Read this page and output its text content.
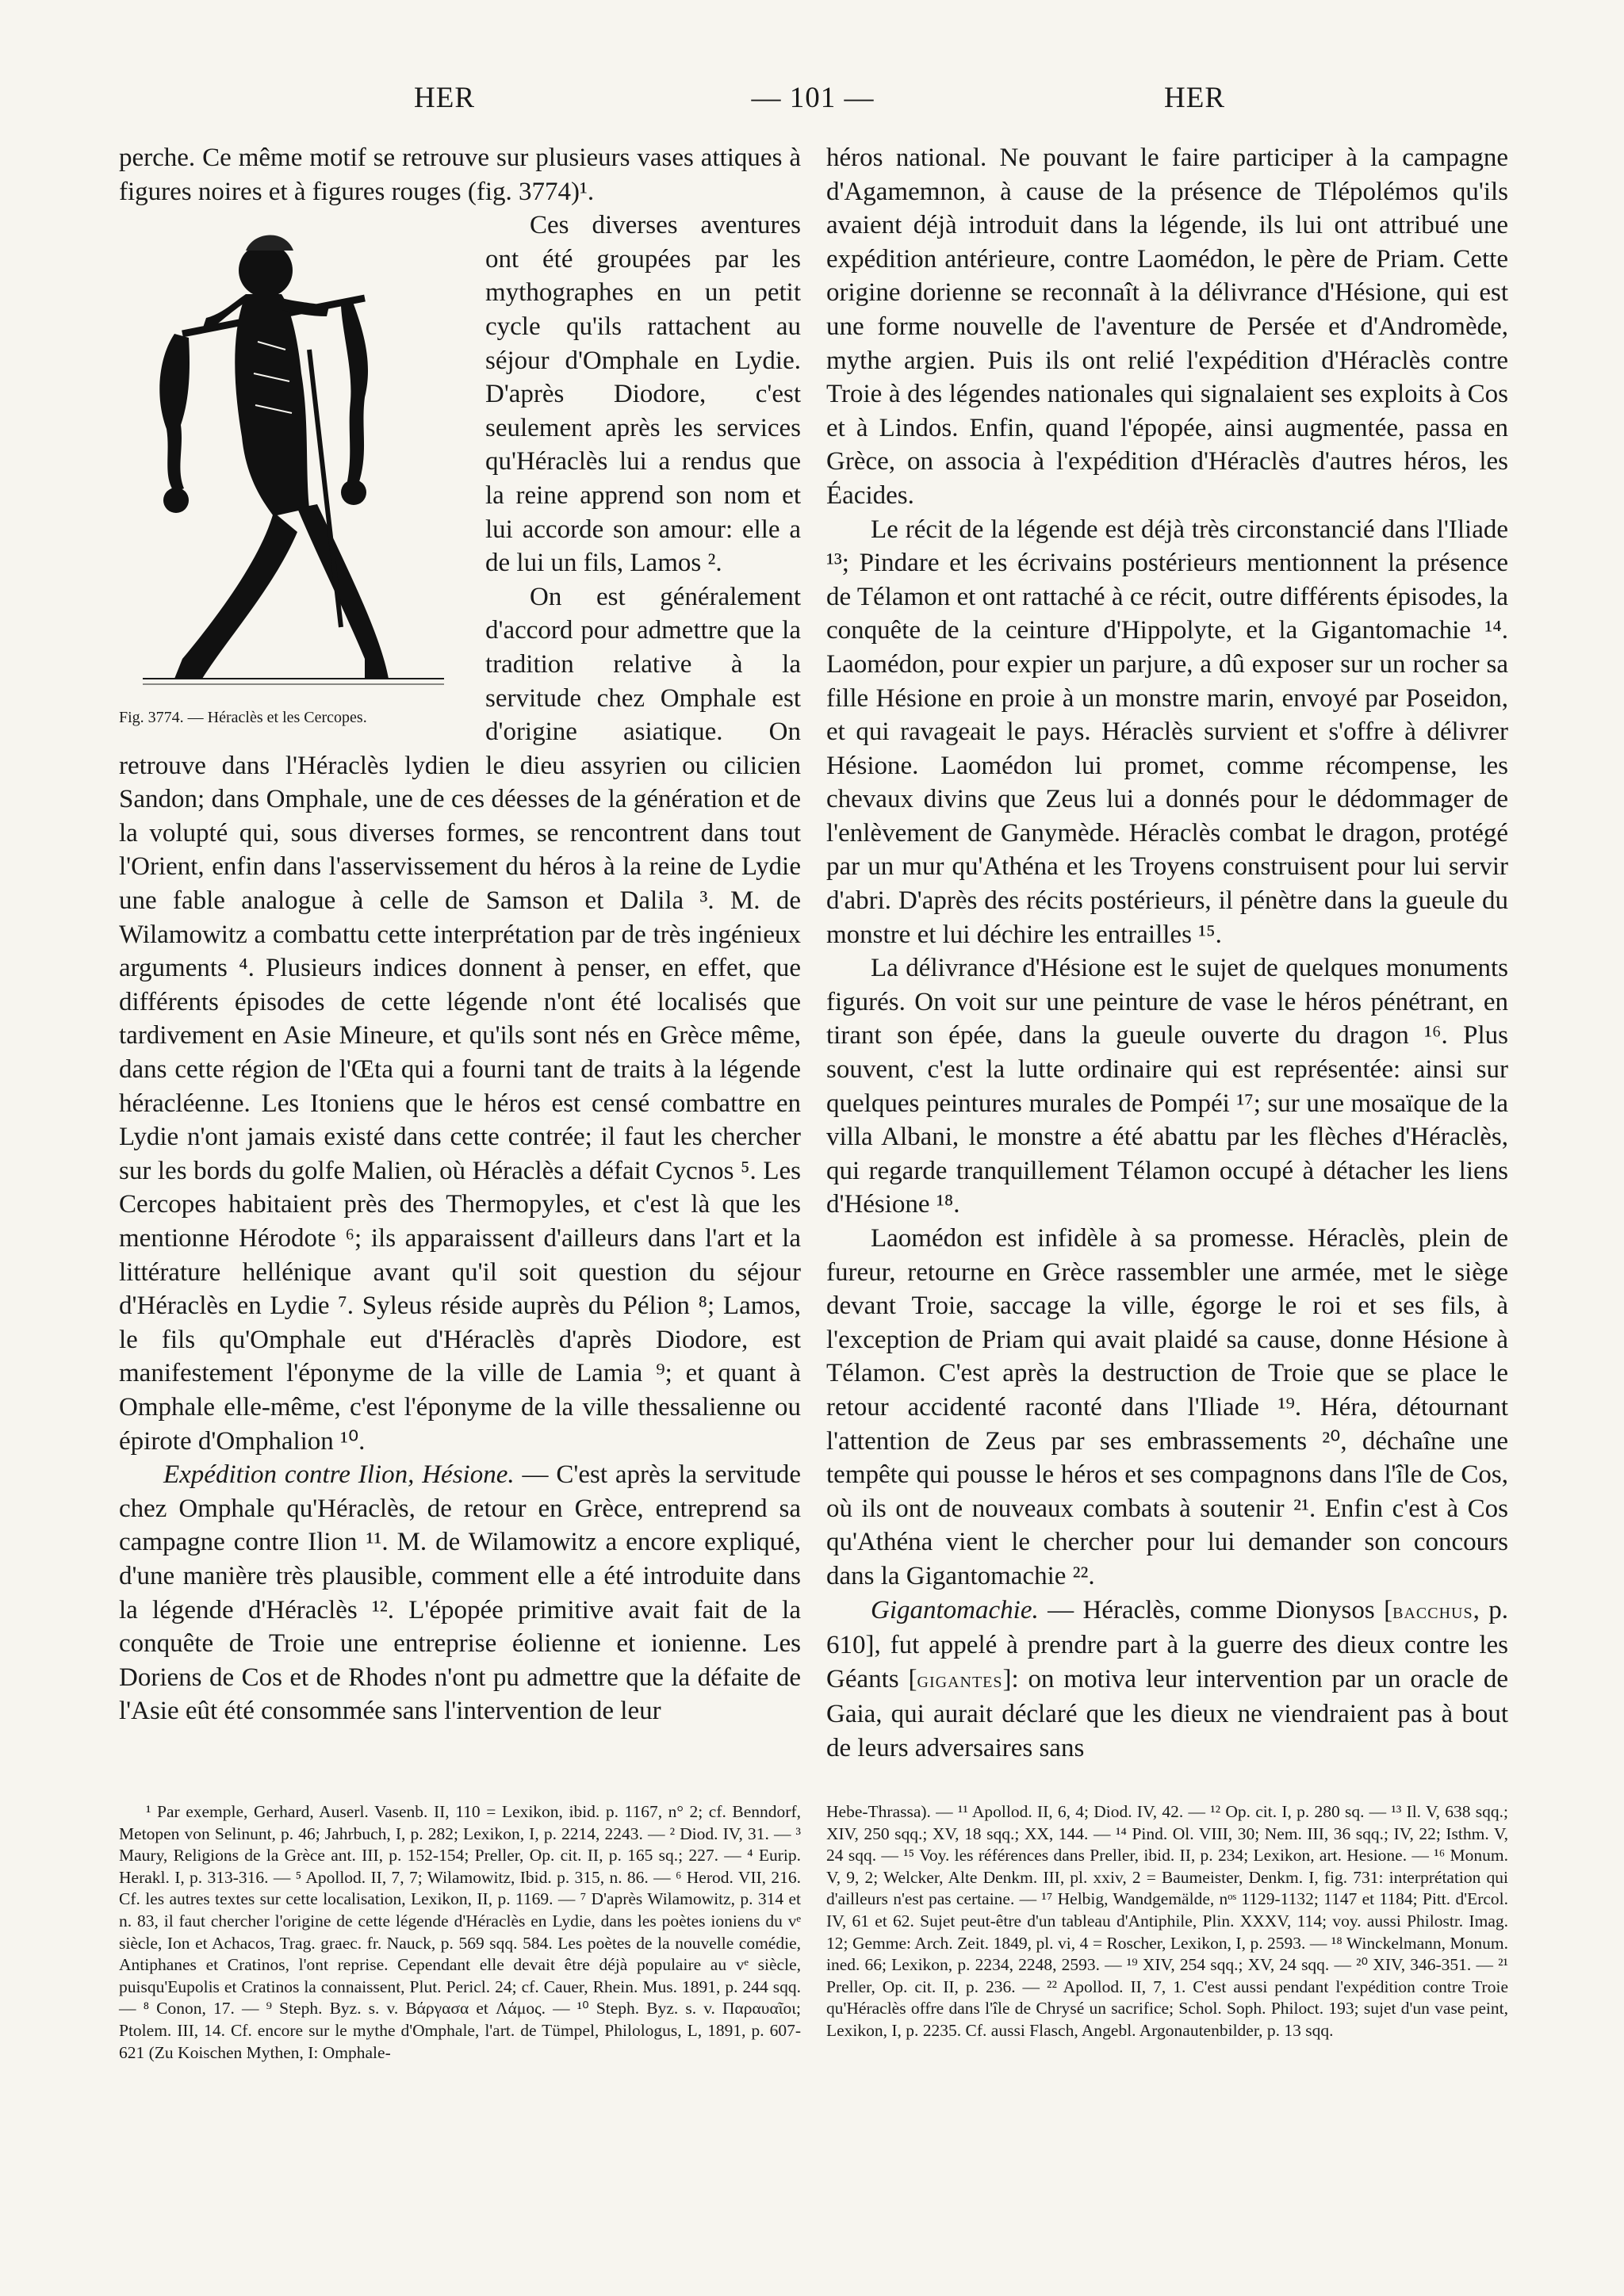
HER	— 101 —	HER

perche. Ce même motif se retrouve sur plusieurs vases attiques à figures noires et à figures rouges (fig. 3774)¹.

Fig. 3774. — Héraclès et les Cercopes.

Ces diverses aventures ont été groupées par les mythographes en un petit cycle qu'ils rattachent au séjour d'Omphale en Lydie. D'après Diodore, c'est seulement après les services qu'Héraclès lui a rendus que la reine apprend son nom et lui accorde son amour: elle a de lui un fils, Lamos ².

On est généralement d'accord pour admettre que la tradition relative à la servitude chez Omphale est d'origine asiatique. On retrouve dans l'Héraclès lydien le dieu assyrien ou cilicien Sandon; dans Omphale, une de ces déesses de la génération et de la volupté qui, sous diverses formes, se rencontrent dans tout l'Orient, enfin dans l'asservissement du héros à la reine de Lydie une fable analogue à celle de Samson et Dalila ³. M. de Wilamowitz a combattu cette interprétation par de très ingénieux arguments ⁴. Plusieurs indices donnent à penser, en effet, que différents épisodes de cette légende n'ont été localisés que tardivement en Asie Mineure, et qu'ils sont nés en Grèce même, dans cette région de l'Œta qui a fourni tant de traits à la légende héracléenne. Les Itoniens que le héros est censé combattre en Lydie n'ont jamais existé dans cette contrée; il faut les chercher sur les bords du golfe Malien, où Héraclès a défait Cycnos ⁵. Les Cercopes habitaient près des Thermopyles, et c'est là que les mentionne Hérodote ⁶; ils apparaissent d'ailleurs dans l'art et la littérature hellénique avant qu'il soit question du séjour d'Héraclès en Lydie ⁷. Syleus réside auprès du Pélion ⁸; Lamos, le fils qu'Omphale eut d'Héraclès d'après Diodore, est manifestement l'éponyme de la ville de Lamia ⁹; et quant à Omphale elle-même, c'est l'éponyme de la ville thessalienne ou épirote d'Omphalion ¹⁰.

Expédition contre Ilion, Hésione. — C'est après la servitude chez Omphale qu'Héraclès, de retour en Grèce, entreprend sa campagne contre Ilion ¹¹. M. de Wilamowitz a encore expliqué, d'une manière très plausible, comment elle a été introduite dans la légende d'Héraclès ¹². L'épopée primitive avait fait de la conquête de Troie une entreprise éolienne et ionienne. Les Doriens de Cos et de Rhodes n'ont pu admettre que la défaite de l'Asie eût été consommée sans l'intervention de leur

héros national. Ne pouvant le faire participer à la campagne d'Agamemnon, à cause de la présence de Tlépolémos qu'ils avaient déjà introduit dans la légende, ils lui ont attribué une expédition antérieure, contre Laomédon, le père de Priam. Cette origine dorienne se reconnaît à la délivrance d'Hésione, qui est une forme nouvelle de l'aventure de Persée et d'Andromède, mythe argien. Puis ils ont relié l'expédition d'Héraclès contre Troie à des légendes nationales qui signalaient ses exploits à Cos et à Lindos. Enfin, quand l'épopée, ainsi augmentée, passa en Grèce, on associa à l'expédition d'Héraclès d'autres héros, les Éacides.

Le récit de la légende est déjà très circonstancié dans l'Iliade ¹³; Pindare et les écrivains postérieurs mentionnent la présence de Télamon et ont rattaché à ce récit, outre différents épisodes, la conquête de la ceinture d'Hippolyte, et la Gigantomachie ¹⁴. Laomédon, pour expier un parjure, a dû exposer sur un rocher sa fille Hésione en proie à un monstre marin, envoyé par Poseidon, et qui ravageait le pays. Héraclès survient et s'offre à délivrer Hésione. Laomédon lui promet, comme récompense, les chevaux divins que Zeus lui a donnés pour le dédommager de l'enlèvement de Ganymède. Héraclès combat le dragon, protégé par un mur qu'Athéna et les Troyens construisent pour lui servir d'abri. D'après des récits postérieurs, il pénètre dans la gueule du monstre et lui déchire les entrailles ¹⁵.

La délivrance d'Hésione est le sujet de quelques monuments figurés. On voit sur une peinture de vase le héros pénétrant, en tirant son épée, dans la gueule ouverte du dragon ¹⁶. Plus souvent, c'est la lutte ordinaire qui est représentée: ainsi sur quelques peintures murales de Pompéi ¹⁷; sur une mosaïque de la villa Albani, le monstre a été abattu par les flèches d'Héraclès, qui regarde tranquillement Télamon occupé à détacher les liens d'Hésione ¹⁸.

Laomédon est infidèle à sa promesse. Héraclès, plein de fureur, retourne en Grèce rassembler une armée, met le siège devant Troie, saccage la ville, égorge le roi et ses fils, à l'exception de Priam qui avait plaidé sa cause, donne Hésione à Télamon. C'est après la destruction de Troie que se place le retour accidenté raconté dans l'Iliade ¹⁹. Héra, détournant l'attention de Zeus par ses embrassements ²⁰, déchaîne une tempête qui pousse le héros et ses compagnons dans l'île de Cos, où ils ont de nouveaux combats à soutenir ²¹. Enfin c'est à Cos qu'Athéna vient le chercher pour lui demander son concours dans la Gigantomachie ²².

Gigantomachie. — Héraclès, comme Dionysos [bacchus, p. 610], fut appelé à prendre part à la guerre des dieux contre les Géants [gigantes]: on motiva leur intervention par un oracle de Gaia, qui aurait déclaré que les dieux ne viendraient pas à bout de leurs adversaires sans

¹ Par exemple, Gerhard, Auserl. Vasenb. II, 110 = Lexikon, ibid. p. 1167, n° 2; cf. Benndorf, Metopen von Selinunt, p. 46; Jahrbuch, I, p. 282; Lexikon, I, p. 2214, 2243. — ² Diod. IV, 31. — ³ Maury, Religions de la Grèce ant. III, p. 152-154; Preller, Op. cit. II, p. 165 sq.; 227. — ⁴ Eurip. Herakl. I, p. 313-316. — ⁵ Apollod. II, 7, 7; Wilamowitz, Ibid. p. 315, n. 86. — ⁶ Herod. VII, 216. Cf. les autres textes sur cette localisation, Lexikon, II, p. 1169. — ⁷ D'après Wilamowitz, p. 314 et n. 83, il faut chercher l'origine de cette légende d'Héraclès en Lydie, dans les poètes ioniens du vᵉ siècle, Ion et Achacos, Trag. graec. fr. Nauck, p. 569 sqq. 584. Les poètes de la nouvelle comédie, Antiphanes et Cratinos, l'ont reprise. Cependant elle devait être déjà populaire au vᵉ siècle, puisqu'Eupolis et Cratinos la connaissent, Plut. Pericl. 24; cf. Cauer, Rhein. Mus. 1891, p. 244 sqq. — ⁸ Conon, 17. — ⁹ Steph. Byz. s. v. Βάργασα et Λάμος. — ¹⁰ Steph. Byz. s. v. Παραυαῖοι; Ptolem. III, 14. Cf. encore sur le mythe d'Omphale, l'art. de Tümpel, Philologus, L, 1891, p. 607-621 (Zu Koischen Mythen, I: Omphale-

Hebe-Thrassa). — ¹¹ Apollod. II, 6, 4; Diod. IV, 42. — ¹² Op. cit. I, p. 280 sq. — ¹³ Il. V, 638 sqq.; XIV, 250 sqq.; XV, 18 sqq.; XX, 144. — ¹⁴ Pind. Ol. VIII, 30; Nem. III, 36 sqq.; IV, 22; Isthm. V, 24 sqq. — ¹⁵ Voy. les références dans Preller, ibid. II, p. 234; Lexikon, art. Hesione. — ¹⁶ Monum. V, 9, 2; Welcker, Alte Denkm. III, pl. xxiv, 2 = Baumeister, Denkm. I, fig. 731: interprétation qui d'ailleurs n'est pas certaine. — ¹⁷ Helbig, Wandgemälde, nᵒˢ 1129-1132; 1147 et 1184; Pitt. d'Ercol. IV, 61 et 62. Sujet peut-être d'un tableau d'Antiphile, Plin. XXXV, 114; voy. aussi Philostr. Imag. 12; Gemme: Arch. Zeit. 1849, pl. vi, 4 = Roscher, Lexikon, I, p. 2593. — ¹⁸ Winckelmann, Monum. ined. 66; Lexikon, p. 2234, 2248, 2593. — ¹⁹ XIV, 254 sqq.; XV, 24 sqq. — ²⁰ XIV, 346-351. — ²¹ Preller, Op. cit. II, p. 236. — ²² Apollod. II, 7, 1. C'est aussi pendant l'expédition contre Troie qu'Héraclès offre dans l'île de Chrysé un sacrifice; Schol. Soph. Philoct. 193; sujet d'un vase peint, Lexikon, I, p. 2235. Cf. aussi Flasch, Angebl. Argonautenbilder, p. 13 sqq.
